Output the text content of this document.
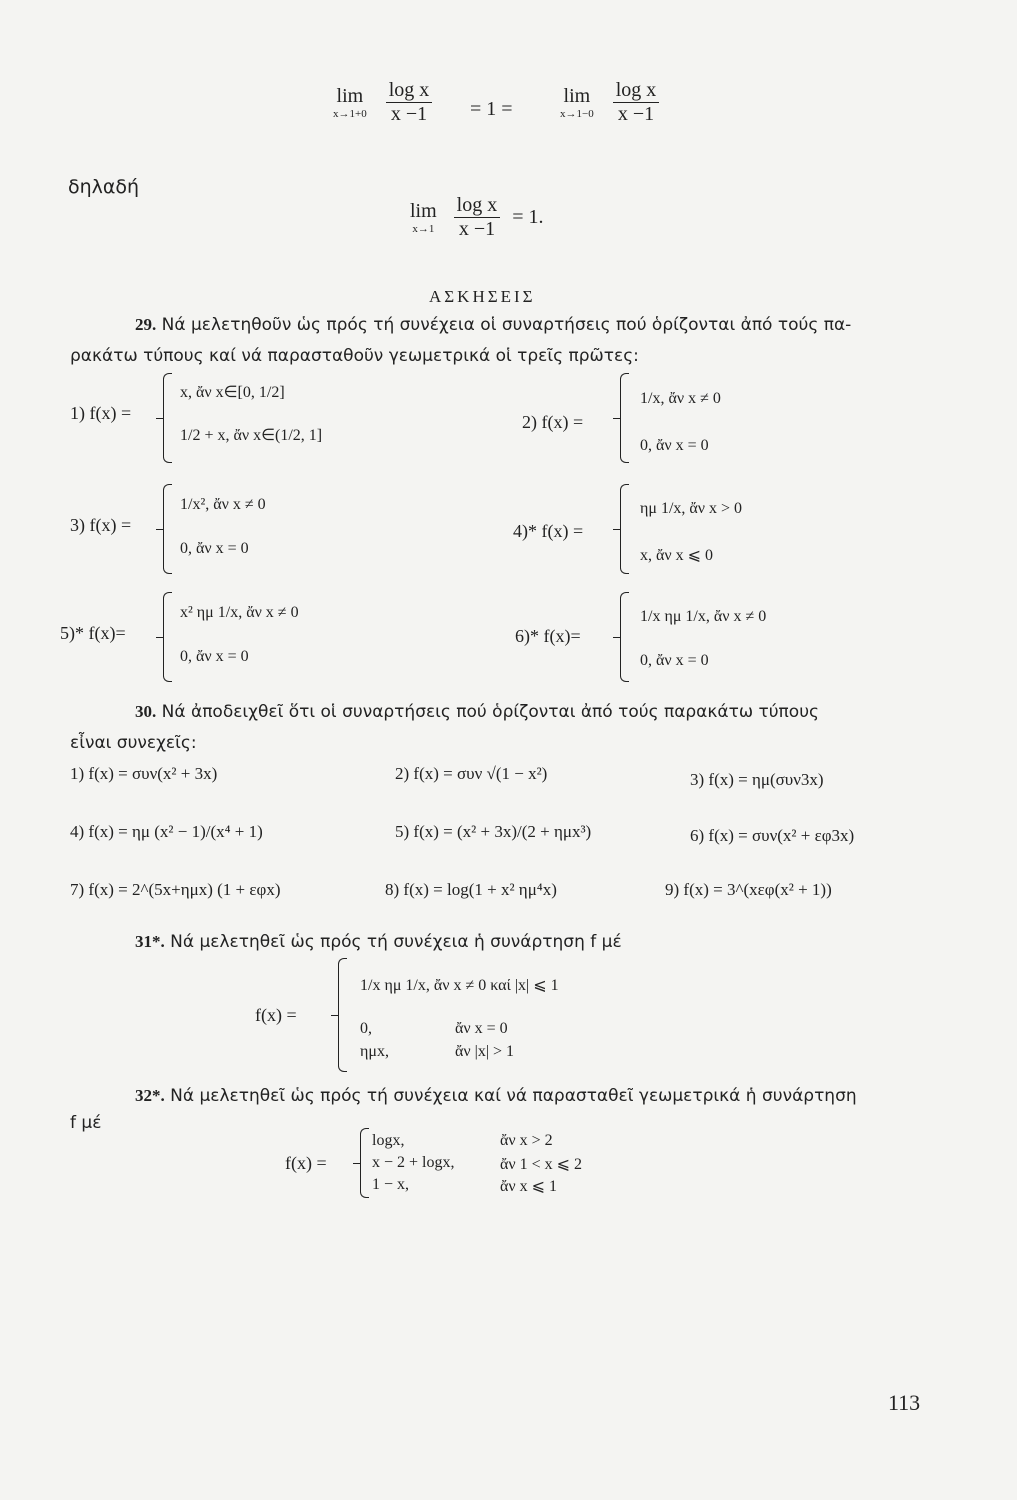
lim
x→1+0
$\frac{\text{log x}}{x -1} = 1$ =
lim
x→1−0
$\frac{\text{log x}}{x -1}$
δηλαδή
lim
x→1
$\frac{\text{log x}}{x -1} = 1$.
ΑΣΚΗΣΕΙΣ
29. Νά μελετηθοῦν ὡς πρός τή συνέχεια οἱ συναρτήσεις πού ὁρίζονται ἀπό τούς πα-
ρακάτω τύπους καί νά παρασταθοῦν γεωμετρικά οἱ τρεῖς πρῶτες:
1) f(x) =
x, ἄν x∈[0, 1/2]
1/2 + x, ἄν x∈(1/2, 1]
2) f(x) =
1/x, ἄν x ≠ 0
0, ἄν x = 0
3) f(x) =
1/x², ἄν x ≠ 0
0, ἄν x = 0
4)* f(x) =
ημ 1/x, ἄν x > 0
x, ἄν x ⩽ 0
5)* f(x)=
x² ημ 1/x, ἄν x ≠ 0
0, ἄν x = 0
6)* f(x)=
1/x ημ 1/x, ἄν x ≠ 0
0, ἄν x = 0
30. Νά ἀποδειχθεῖ ὅτι οἱ συναρτήσεις πού ὁρίζονται ἀπό τούς παρακάτω τύπους
εἶναι συνεχεῖς:
1) f(x) = συν(x² + 3x)	2) f(x) = συν √(1 − x²)	3) f(x) = ημ(συν3x)
4) f(x) = ημ (x² − 1)/(x⁴ + 1)	5) f(x) = (x² + 3x)/(2 + ημx³)	6) f(x) = συν(x² + εφ3x)
7) f(x) = 2^(5x+ημx) (1 + εφx)	8) f(x) = log(1 + x² ημ⁴x)	9) f(x) = 3^(xεφ(x² + 1))
31*. Νά μελετηθεῖ ὡς πρός τή συνέχεια ἡ συνάρτηση f μέ
f(x) =
1/x ημ 1/x, ἄν x ≠ 0 καί |x| ⩽ 1
0,	ἄν x = 0
ημx,	ἄν |x| > 1
32*. Νά μελετηθεῖ ὡς πρός τή συνέχεια καί νά παρασταθεῖ γεωμετρικά ἡ συνάρτηση
f μέ
f(x) =
logx,	ἄν x > 2
x − 2 + logx,	ἄν 1 < x ⩽ 2
1 − x,	ἄν x ⩽ 1
113
